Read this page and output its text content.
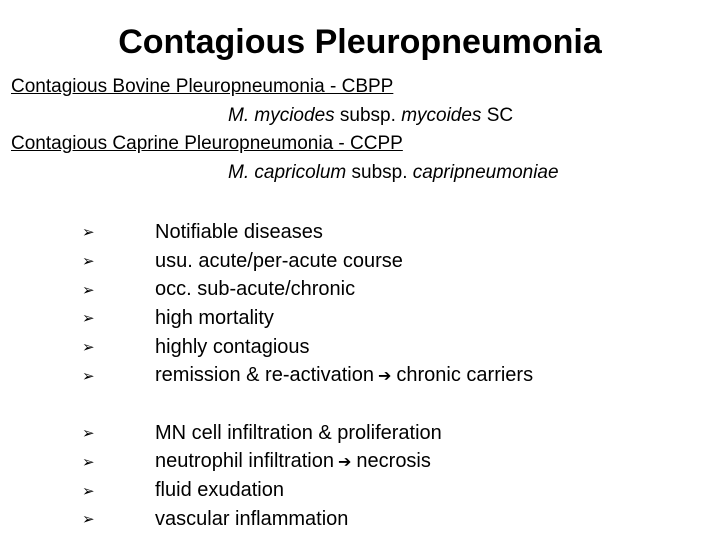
Contagious Pleuropneumonia
Contagious Bovine Pleuropneumonia - CBPP
M. myciodes subsp. mycoides SC
Contagious Caprine Pleuropneumonia - CCPP
M. capricolum subsp. capripneumoniae
➢	Notifiable diseases
➢	usu. acute/per-acute course
➢	occ. sub-acute/chronic
➢	high mortality
➢	highly contagious
➢	remission & re-activation ➔ chronic carriers
➢	MN cell infiltration & proliferation
➢	neutrophil infiltration ➔ necrosis
➢	fluid exudation
➢	vascular inflammation
